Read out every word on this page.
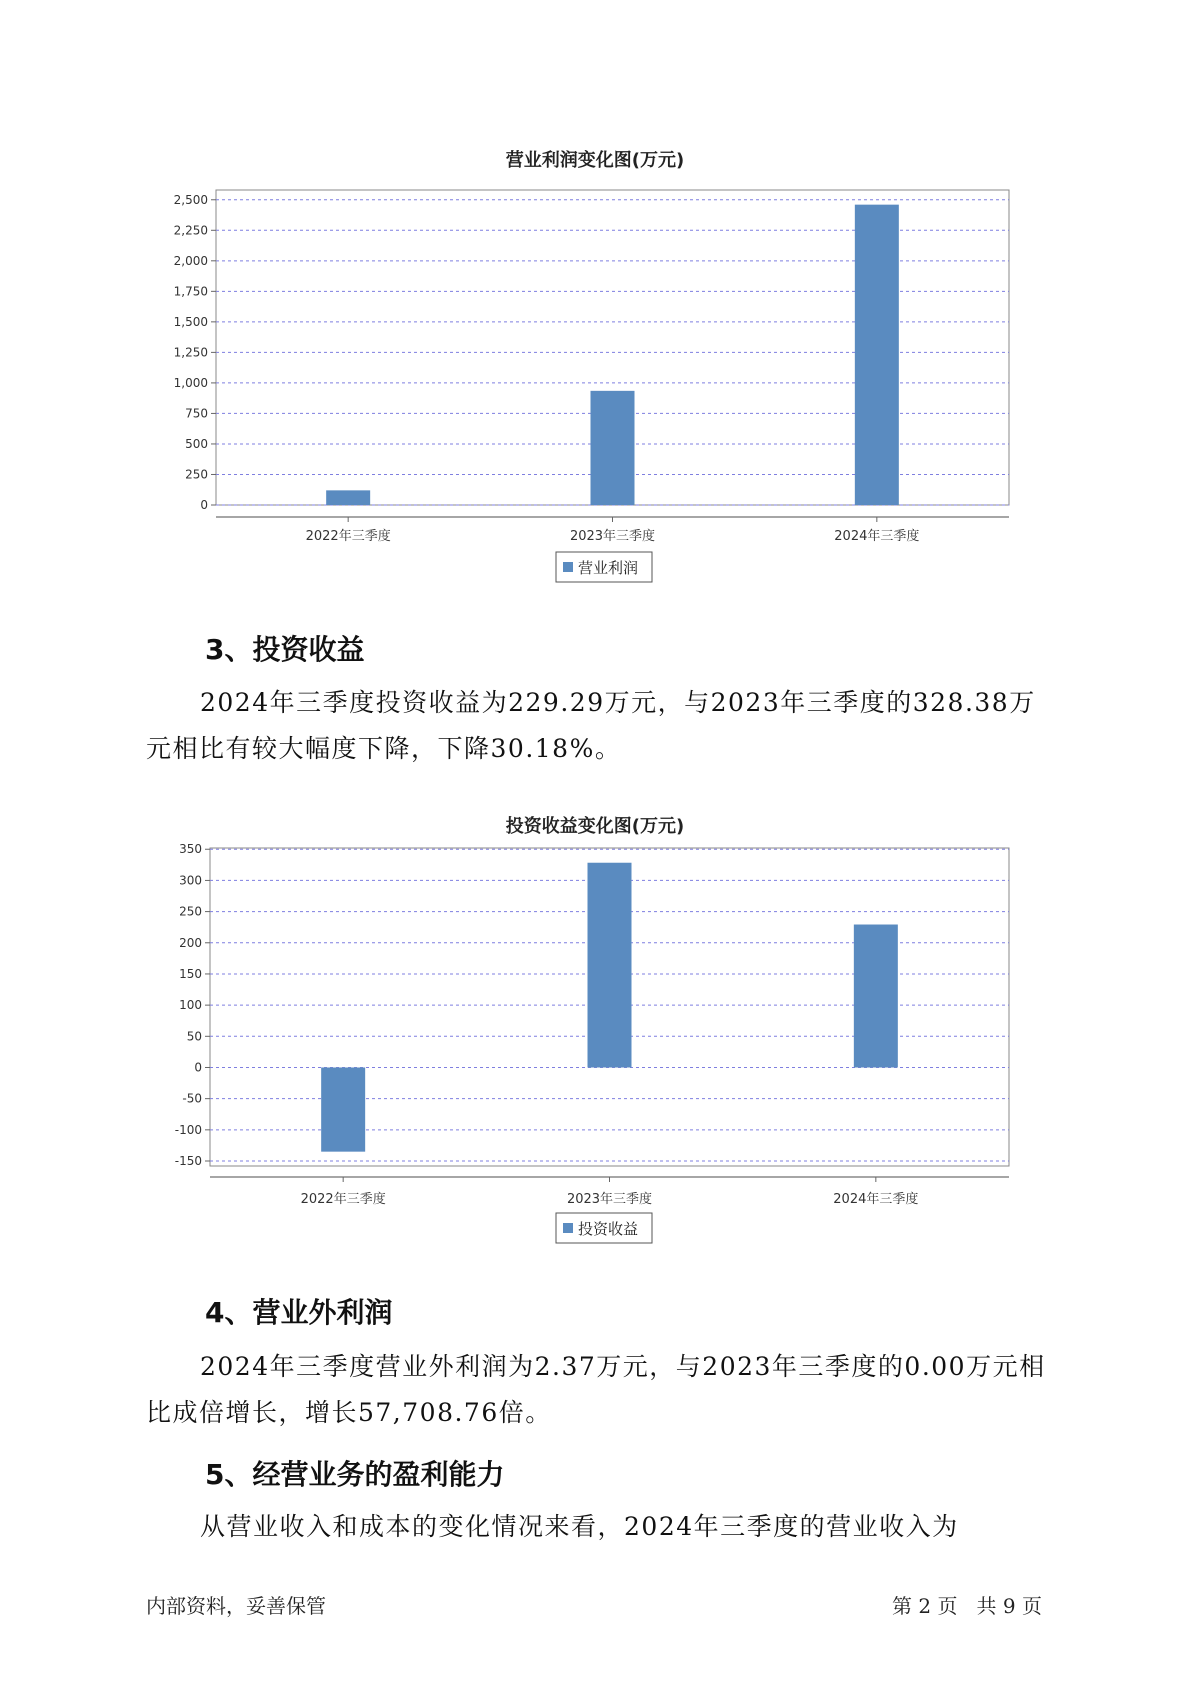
营业利润变化图(万元)
0
250
500
750
1,000
1,250
1,500
1,750
2,000
2,250
2,500
2022年三季度	2023年三季度	2024年三季度
营业利润
3、投资收益

2024年三季度投资收益为229.29万元，与2023年三季度的328.38万元相比有较大幅度下降，下降30.18%。

投资收益变化图(万元)
-150
-100
-50
0
50
100
150
200
250
300
350
2022年三季度	2023年三季度	2024年三季度
投资收益
4、营业外利润

2024年三季度营业外利润为2.37万元，与2023年三季度的0.00万元相比成倍增长，增长57,708.76倍。

5、经营业务的盈利能力

从营业收入和成本的变化情况来看，2024年三季度的营业收入为

内部资料，妥善保管	第 2 页   共 9 页
